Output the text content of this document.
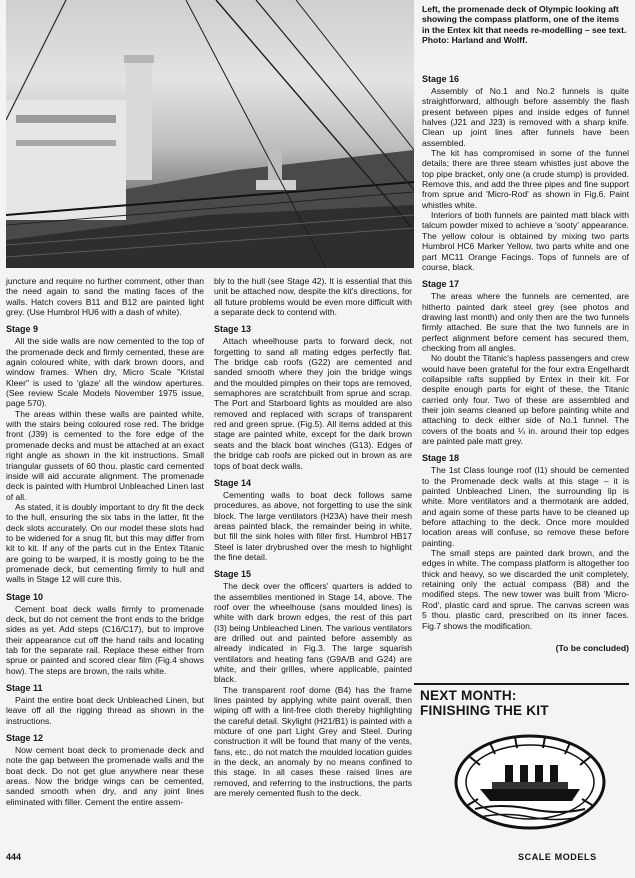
Left, the promenade deck of Olympic looking aft showing the compass platform, one of the items in the Entex kit that needs re-modelling – see text. Photo: Harland and Wolff.

juncture and require no further comment, other than the need again to sand the mating faces of the walls. Hatch covers B11 and B12 are painted light grey. (Use Humbrol HU6 with a dash of white).

Stage 9

All the side walls are now cemented to the top of the promenade deck and firmly cemented, these are again coloured white, with dark brown doors, and window frames. When dry, Micro Scale "Kristal Kleer" is used to 'glaze' all the window apertures. (See review Scale Models November 1975 issue, page 570).

The areas within these walls are painted white, with the stairs being coloured rose red. The bridge front (J39) is cemented to the fore edge of the promenade decks and must be attached at an exact right angle as shown in the kit instructions. Small triangular gussets of 60 thou. plastic card cemented inside will aid accurate alignment. The promenade deck is painted with Humbrol Unbleached Linen last of all.

As stated, it is doubly important to dry fit the deck to the hull, ensuring the six tabs in the latter, fit the deck slots accurately. On our model these slots had to be widened for a snug fit, but this may differ from kit to kit. If any of the parts cut in the Entex Titanic are going to be warped, it is mostly going to be the promenade deck, but cementing firmly to hull and walls in Stage 12 will cure this.

Stage 10

Cement boat deck walls firmly to promenade deck, but do not cement the front ends to the bridge sides as yet. Add steps (C16/C17), but to improve their appearance cut off the hand rails and locating tab for the separate rail. Replace these either from sprue or painted and scored clear film (Fig.4 shows how). The steps are brown, the rails white.

Stage 11

Paint the entire boat deck Unbleached Linen, but leave off all the rigging thread as shown in the instructions.

Stage 12

Now cement boat deck to promenade deck and note the gap between the promenade walls and the boat deck. Do not get glue anywhere near these areas. Now the bridge wings can be cemented, sanded smooth when dry, and any joint lines eliminated with filler. Cement the entire assem-

bly to the hull (see Stage 42). It is essential that this unit be attached now, despite the kit's directions, for all future problems would be even more difficult with a separate deck to contend with.

Stage 13

Attach wheelhouse parts to forward deck, not forgetting to sand all mating edges perfectly flat. The bridge cab roofs (G22) are cemented and sanded smooth where they join the bridge wings and the moulded pimples on their tops are removed, semaphores are scratchbuilt from sprue and scrap. The Port and Starboard lights as moulded are also removed and replaced with scraps of transparent red and green sprue. (Fig.5). All items added at this stage are painted white, except for the dark brown seats and the black boat winches (G13). Edges of the bridge cab roofs are picked out in brown as are tops of boat deck walls.

Stage 14

Cementing walls to boat deck follows same procedures, as above, not forgetting to use the sink block. The large ventilators (H23A) have their mesh areas painted black, the remainder being in white, but fill the sink holes with filler first. Humbrol HB17 Steel is later drybrushed over the mesh to highlight the fine detail.

Stage 15

The deck over the officers' quarters is added to the assemblies mentioned in Stage 14, above. The roof over the wheelhouse (sans moulded lines) is white with dark brown edges, the rest of this part (I3) being Unbleached Linen. The various ventilators are drilled out and painted before assembly as already indicated in Fig.3. The large squarish ventilators and heating fans (G9A/B and G24) are white, and their grilles, where applicable, painted black.

The transparent roof dome (B4) has the frame lines painted by applying white paint overall, then wiping off with a lint-free cloth thereby highlighting the careful detail. Skylight (H21/B1) is painted with a mixture of one part Light Grey and Steel. During construction it will be found that many of the vents, fans, etc., do not match the moulded location guides in the deck, an anomaly by no means confined to this stage. In all cases these raised lines are removed, and referring to the instructions, the parts are merely cemented flush to the deck.

Stage 16

Assembly of No.1 and No.2 funnels is quite straightforward, although before assembly the flash present between pipes and inside edges of funnel halves (J21 and J23) is removed with a sharp knife. Clean up joint lines after funnels have been assembled.

The kit has compromised in some of the funnel details; there are three steam whistles just above the top pipe bracket, only one (a crude stump) is provided. Remove this, and add the three pipes and fine support from sprue and 'Micro-Rod' as shown in Fig.6. Paint whistles white.

Interiors of both funnels are painted matt black with talcum powder mixed to achieve a 'sooty' appearance. The yellow colour is obtained by mixing two parts Humbrol HC6 Marker Yellow, two parts white and one part MC11 Orange Facings. Tops of funnels are of course, black.

Stage 17

The areas where the funnels are cemented, are hitherto painted dark steel grey (see photos and drawing last month) and only then are the two funnels firmly attached. Be sure that the two funnels are in perfect alignment before cement has secured them, checking from all angles.

No doubt the Titanic's hapless passengers and crew would have been grateful for the four extra Engelhardt collapsible rafts supplied by Entex in their kit. For despite enough parts for eight of these, the Titanic carried only four. Two of these are assembled and their join seams cleaned up before painting white and attaching to deck either side of No.1 funnel. The covers of the boats and ¼ in. around their top edges are painted pale matt grey.

Stage 18

The 1st Class lounge roof (I1) should be cemented to the Promenade deck walls at this stage – it is painted Unbleached Linen, the surrounding lip is white. More ventilators and a thermotank are added, and again some of these parts have to be cleaned up before attaching to the deck. Once more moulded location areas will confuse, so remove these before painting.

The small steps are painted dark brown, and the edges in white. The compass platform is altogether too thick and heavy, so we discarded the unit completely, retaining only the actual compass (B8) and the modified steps. The new tower was built from 'Micro-Rod', plastic card and sprue. The canvas screen was 5 thou. plastic card, prescribed on its inner faces. Fig.7 shows the modification.

(To be concluded)

NEXT MONTH:
FINISHING THE KIT
444	SCALE MODELS
